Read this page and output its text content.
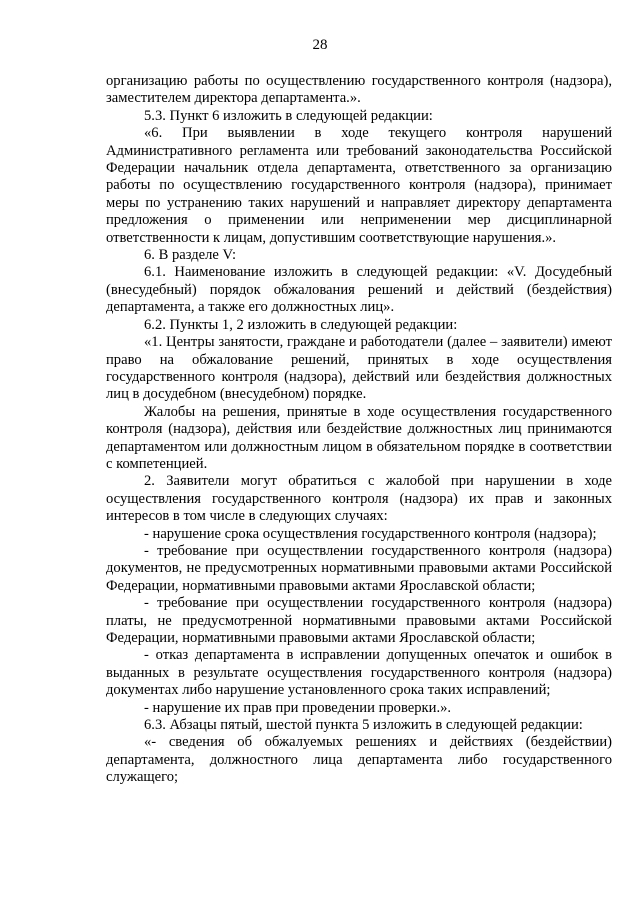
28

организацию работы по осуществлению государственного контроля (надзора), заместителем директора департамента.».

5.3. Пункт 6 изложить в следующей редакции:

«6. При выявлении в ходе текущего контроля нарушений Административного регламента или требований законодательства Российской Федерации начальник отдела департамента, ответственного за организацию работы по осуществлению государственного контроля (надзора), принимает меры по устранению таких нарушений и направляет директору департамента предложения о применении или неприменении мер дисциплинарной ответственности к лицам, допустившим соответствующие нарушения.».

6. В разделе V:

6.1. Наименование изложить в следующей редакции: «V. Досудебный (внесудебный) порядок обжалования решений и действий (бездействия) департамента, а также его должностных лиц».

6.2. Пункты 1, 2 изложить в следующей редакции:

«1. Центры занятости, граждане и работодатели (далее – заявители) имеют право на обжалование решений, принятых в ходе осуществления государственного контроля (надзора), действий или бездействия должностных лиц в досудебном (внесудебном) порядке.

Жалобы на решения, принятые в ходе осуществления государственного контроля (надзора), действия или бездействие должностных лиц принимаются департаментом или должностным лицом в обязательном порядке в соответствии с компетенцией.

2. Заявители могут обратиться с жалобой при нарушении в ходе осуществления государственного контроля (надзора) их прав и законных интересов в том числе в следующих случаях:

- нарушение срока осуществления государственного контроля (надзора);

- требование при осуществлении государственного контроля (надзора) документов, не предусмотренных нормативными правовыми актами Российской Федерации, нормативными правовыми актами Ярославской области;

- требование при осуществлении государственного контроля (надзора) платы, не предусмотренной нормативными правовыми актами Российской Федерации, нормативными правовыми актами Ярославской области;

- отказ департамента в исправлении допущенных опечаток и ошибок в выданных в результате осуществления государственного контроля (надзора) документах либо нарушение установленного срока таких исправлений;

- нарушение их прав при проведении проверки.».

6.3. Абзацы пятый, шестой пункта 5 изложить в следующей редакции:

«- сведения об обжалуемых решениях и действиях (бездействии) департамента, должностного лица департамента либо государственного служащего;
